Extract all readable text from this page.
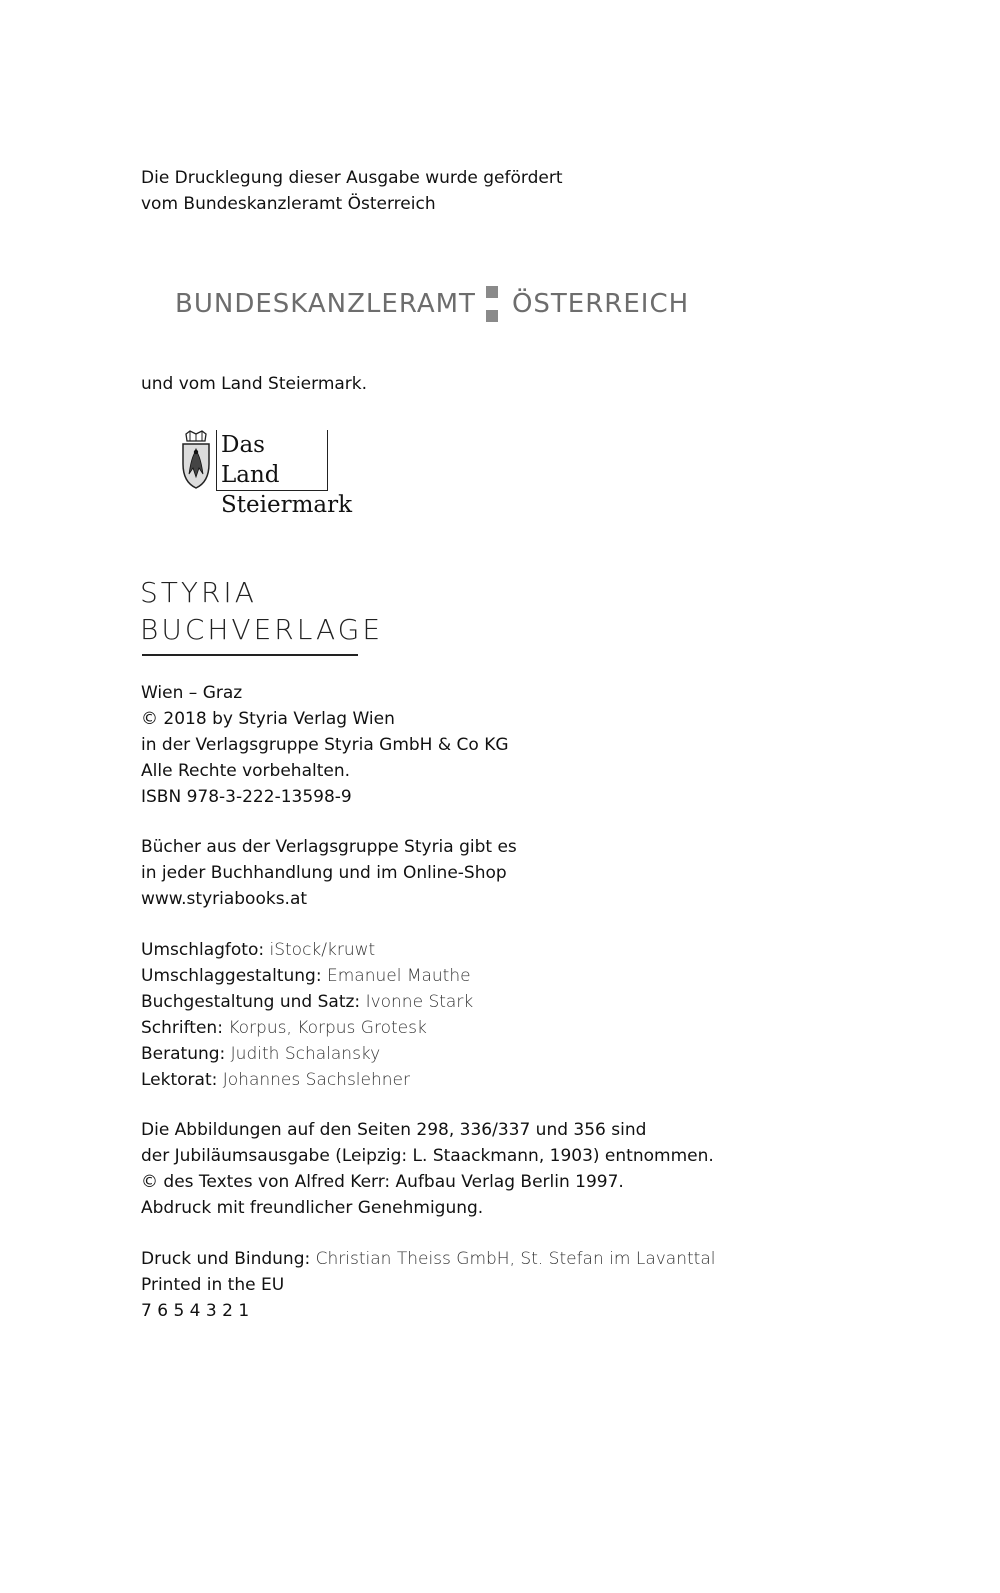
Die Drucklegung dieser Ausgabe wurde gefördert
vom Bundeskanzleramt Österreich
BUNDESKANZLERAMT ÖSTERREICH
und vom Land Steiermark.
Das Land
Steiermark
STYRIA
BUCHVERLAGE
Wien – Graz
© 2018 by Styria Verlag Wien
in der Verlagsgruppe Styria GmbH & Co KG
Alle Rechte vorbehalten.
ISBN 978-3-222-13598-9
Bücher aus der Verlagsgruppe Styria gibt es
in jeder Buchhandlung und im Online-Shop
www.styriabooks.at
Umschlagfoto: iStock/kruwt
Umschlaggestaltung: Emanuel Mauthe
Buchgestaltung und Satz: Ivonne Stark
Schriften: Korpus, Korpus Grotesk
Beratung: Judith Schalansky
Lektorat: Johannes Sachslehner
Die Abbildungen auf den Seiten 298, 336/337 und 356 sind
der Jubiläumsausgabe (Leipzig: L. Staackmann, 1903) entnommen.
© des Textes von Alfred Kerr: Aufbau Verlag Berlin 1997.
Abdruck mit freundlicher Genehmigung.
Druck und Bindung: Christian Theiss GmbH, St. Stefan im Lavanttal
Printed in the EU
7 6 5 4 3 2 1
